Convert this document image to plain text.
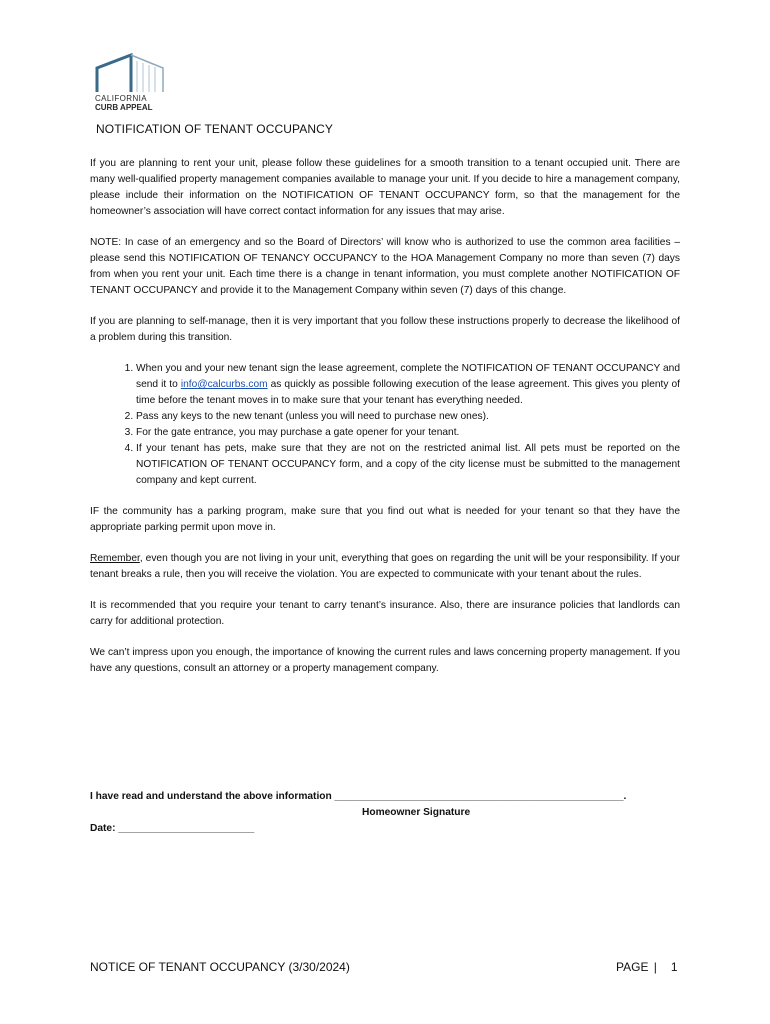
CALIFORNIA
CURB APPEAL
NOTIFICATION OF TENANT OCCUPANCY

If you are planning to rent your unit, please follow these guidelines for a smooth transition to a tenant occupied unit. There are many well-qualified property management companies available to manage your unit. If you decide to hire a management company, please include their information on the NOTIFICATION OF TENANT OCCUPANCY form, so that the management for the homeowner’s association will have correct contact information for any issues that may arise.

NOTE: In case of an emergency and so the Board of Directors’ will know who is authorized to use the common area facilities – please send this NOTIFICATION OF TENANCY OCCUPANCY to the HOA Management Company no more than seven (7) days from when you rent your unit. Each time there is a change in tenant information, you must complete another NOTIFICATION OF TENANT OCCUPANCY and provide it to the Management Company within seven (7) days of this change.

If you are planning to self-manage, then it is very important that you follow these instructions properly to decrease the likelihood of a problem during this transition.

1. When you and your new tenant sign the lease agreement, complete the NOTIFICATION OF TENANT OCCUPANCY and send it to info@calcurbs.com as quickly as possible following execution of the lease agreement. This gives you plenty of time before the tenant moves in to make sure that your tenant has everything needed.
2. Pass any keys to the new tenant (unless you will need to purchase new ones).
3. For the gate entrance, you may purchase a gate opener for your tenant.
4. If your tenant has pets, make sure that they are not on the restricted animal list. All pets must be reported on the NOTIFICATION OF TENANT OCCUPANCY form, and a copy of the city license must be submitted to the management company and kept current.

IF the community has a parking program, make sure that you find out what is needed for your tenant so that they have the appropriate parking permit upon move in.

Remember, even though you are not living in your unit, everything that goes on regarding the unit will be your responsibility. If your tenant breaks a rule, then you will receive the violation. You are expected to communicate with your tenant about the rules.

It is recommended that you require your tenant to carry tenant’s insurance. Also, there are insurance policies that landlords can carry for additional protection.

We can’t impress upon you enough, the importance of knowing the current rules and laws concerning property management. If you have any questions, consult an attorney or a property management company.

I have read and understand the above information ___________________________________________________.
Homeowner Signature
Date: ________________________
NOTICE OF TENANT OCCUPANCY (3/30/2024)	PAGE | 1
